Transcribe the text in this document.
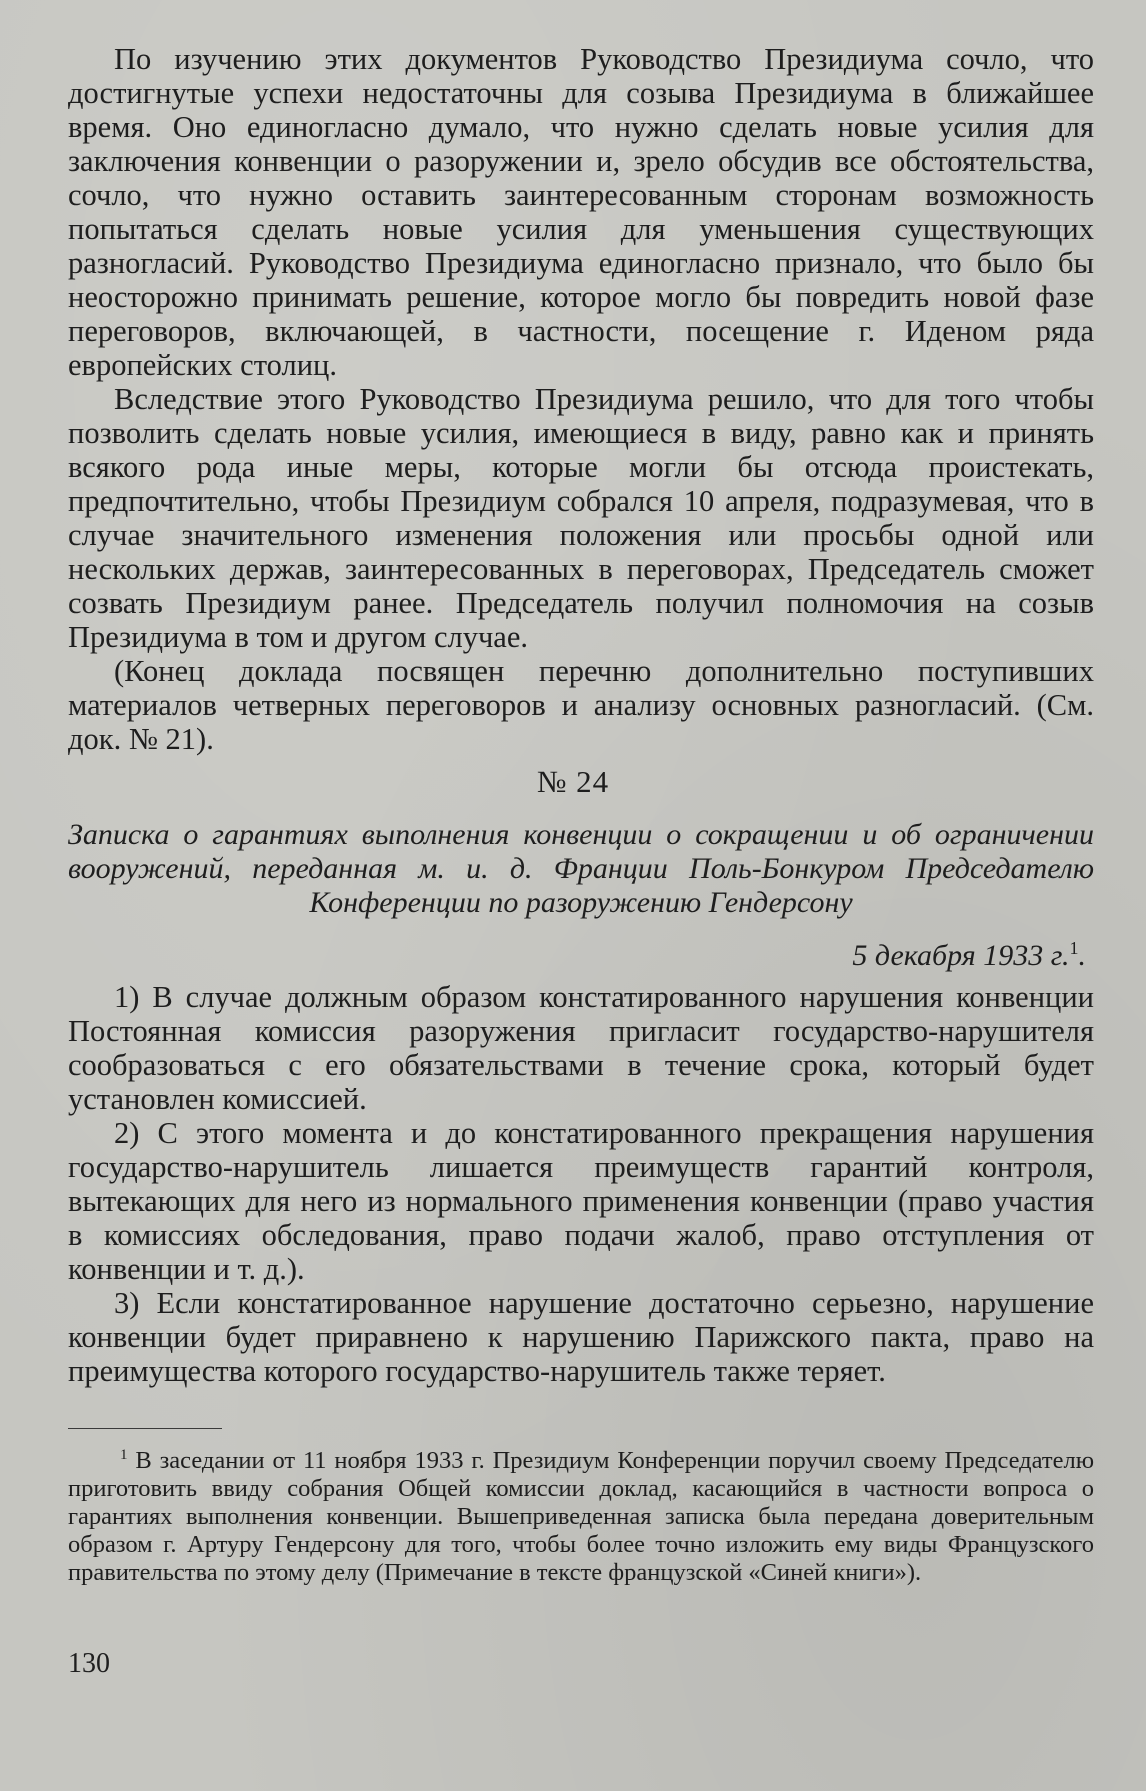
По изучению этих документов Руководство Президиума сочло, что достигнутые успехи недостаточны для созыва Президиума в ближайшее время. Оно единогласно думало, что нужно сделать новые усилия для заключения конвенции о разоружении и, зрело обсудив все обстоятельства, сочло, что нужно оставить заинтересованным сторонам возможность попытаться сделать новые усилия для уменьшения существующих разногласий. Руководство Президиума единогласно признало, что было бы неосторожно принимать решение, которое могло бы повредить новой фазе переговоров, включающей, в частности, посещение г. Иденом ряда европейских столиц.

Вследствие этого Руководство Президиума решило, что для того чтобы позволить сделать новые усилия, имеющиеся в виду, равно как и принять всякого рода иные меры, которые могли бы отсюда проистекать, предпочтительно, чтобы Президиум собрался 10 апреля, подразумевая, что в случае значительного изменения положения или просьбы одной или нескольких держав, заинтересованных в переговорах, Председатель сможет созвать Президиум ранее. Председатель получил полномочия на созыв Президиума в том и другом случае.

(Конец доклада посвящен перечню дополнительно поступивших материалов четверных переговоров и анализу основных разногласий. (См. док. № 21).

№ 24

Записка о гарантиях выполнения конвенции о сокращении и об ограничении вооружений, переданная м. и. д. Франции Поль-Бонкуром Председателю Конференции по разоружению Гендерсону

5 декабря 1933 г.$^1$.

1) В случае должным образом констатированного нарушения конвенции Постоянная комиссия разоружения пригласит государство-нарушителя сообразоваться с его обязательствами в течение срока, который будет установлен комиссией.

2) С этого момента и до констатированного прекращения нарушения государство-нарушитель лишается преимуществ гарантий контроля, вытекающих для него из нормального применения конвенции (право участия в комиссиях обследования, право подачи жалоб, право отступления от конвенции и т. д.).

3) Если констатированное нарушение достаточно серьезно, нарушение конвенции будет приравнено к нарушению Парижского пакта, право на преимущества которого государство-нарушитель также теряет.

$^1$ В заседании от 11 ноября 1933 г. Президиум Конференции поручил своему Председателю приготовить ввиду собрания Общей комиссии доклад, касающийся в частности вопроса о гарантиях выполнения конвенции. Вышеприведенная записка была передана доверительным образом г. Артуру Гендерсону для того, чтобы более точно изложить ему виды Французского правительства по этому делу (Примечание в тексте французской «Синей книги»).

130
